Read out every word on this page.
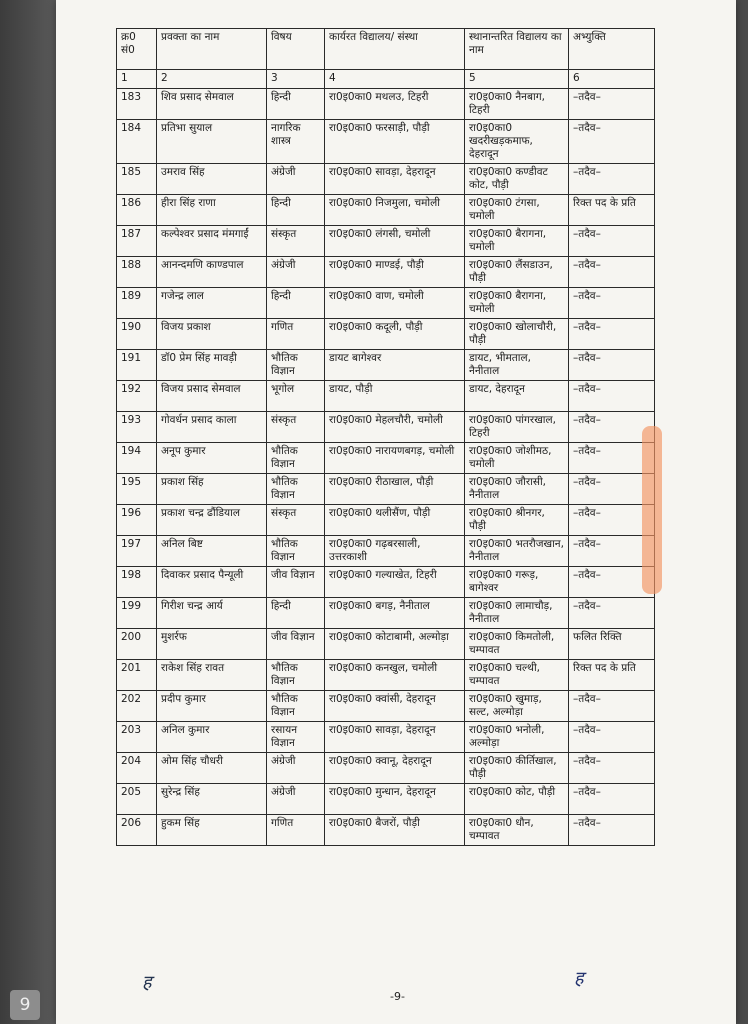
क्र0 सं0	प्रवक्ता का नाम	विषय	कार्यरत विद्यालय/ संस्था	स्थानान्तरित विद्यालय का नाम	अभ्युक्ति
1	2	3	4	5	6
183	शिव प्रसाद सेमवाल	हिन्दी	रा0इ0का0 मथलउ, टिहरी	रा0इ0का0 नैनबाग, टिहरी	–तदैव–
184	प्रतिभा सुयाल	नागरिक शास्त्र	रा0इ0का0 फरसाड़ी, पौड़ी	रा0इ0का0 खदरीखड़कमाफ, देहरादून	–तदैव–
185	उमराव सिंह	अंग्रेजी	रा0इ0का0 सावड़ा, देहरादून	रा0इ0का0 कण्डीवट कोट, पौड़ी	–तदैव–
186	हीरा सिंह राणा	हिन्दी	रा0इ0का0 निजमुला, चमोली	रा0इ0का0 टंगसा, चमोली	रिक्त पद के प्रति
187	कल्पेश्वर प्रसाद मंमगाईं	संस्कृत	रा0इ0का0 लंगसी, चमोली	रा0इ0का0 बैरागना, चमोली	–तदैव–
188	आनन्दमणि काण्डपाल	अंग्रेजी	रा0इ0का0 माण्डई, पौड़ी	रा0इ0का0 लैंसडाउन, पौड़ी	–तदैव–
189	गजेन्द्र लाल	हिन्दी	रा0इ0का0 वाण, चमोली	रा0इ0का0 बैरागना, चमोली	–तदैव–
190	विजय प्रकाश	गणित	रा0इ0का0 कदूली, पौड़ी	रा0इ0का0 खोलाचौरी, पौड़ी	–तदैव–
191	डॉ0 प्रेम सिंह मावड़ी	भौतिक विज्ञान	डायट बागेश्वर	डायट, भीमताल, नैनीताल	–तदैव–
192	विजय प्रसाद सेमवाल	भूगोल	डायट, पौड़ी	डायट, देहरादून	–तदैव–
193	गोवर्धन प्रसाद काला	संस्कृत	रा0इ0का0 मेहलचौरी, चमोली	रा0इ0का0 पांगरखाल, टिहरी	–तदैव–
194	अनूप कुमार	भौतिक विज्ञान	रा0इ0का0 नारायणबगड़, चमोली	रा0इ0का0 जोशीमठ, चमोली	–तदैव–
195	प्रकाश सिंह	भौतिक विज्ञान	रा0इ0का0 रीठाखाल, पौड़ी	रा0इ0का0 जौरासी, नैनीताल	–तदैव–
196	प्रकाश चन्द्र ढौंडियाल	संस्कृत	रा0इ0का0 थलीसैंण, पौड़ी	रा0इ0का0 श्रीनगर, पौड़ी	–तदैव–
197	अनिल बिष्ट	भौतिक विज्ञान	रा0इ0का0 गढ़बरसाली, उत्तरकाशी	रा0इ0का0 भतरौजखान, नैनीताल	–तदैव–
198	दिवाकर प्रसाद पैन्यूली	जीव विज्ञान	रा0इ0का0 गल्याखेत, टिहरी	रा0इ0का0 गरूड़, बागेश्वर	–तदैव–
199	गिरीश चन्द्र आर्य	हिन्दी	रा0इ0का0 बगड़, नैनीताल	रा0इ0का0 लामाचौड़, नैनीताल	–तदैव–
200	मुशर्रफ	जीव विज्ञान	रा0इ0का0 कोटाबामी, अल्मोड़ा	रा0इ0का0 किमतोली, चम्पावत	फलित रिक्ति
201	राकेश सिंह रावत	भौतिक विज्ञान	रा0इ0का0 कनखुल, चमोली	रा0इ0का0 चल्थी, चम्पावत	रिक्त पद के प्रति
202	प्रदीप कुमार	भौतिक विज्ञान	रा0इ0का0 क्वांसी, देहरादून	रा0इ0का0 खुमाड़, सल्ट, अल्मोड़ा	–तदैव–
203	अनिल कुमार	रसायन विज्ञान	रा0इ0का0 सावड़ा, देहरादून	रा0इ0का0 भनोली, अल्मोड़ा	–तदैव–
204	ओम सिंह चौधरी	अंग्रेजी	रा0इ0का0 क्वानू, देहरादून	रा0इ0का0 कीर्तिखाल, पौड़ी	–तदैव–
205	सुरेन्द्र सिंह	अंग्रेजी	रा0इ0का0 मुन्धान, देहरादून	रा0इ0का0 कोट, पौड़ी	–तदैव–
206	हुकम सिंह	गणित	रा0इ0का0 बैजरों, पौड़ी	रा0इ0का0 धौन, चम्पावत	–तदैव–
ह	ह
-9-
9
